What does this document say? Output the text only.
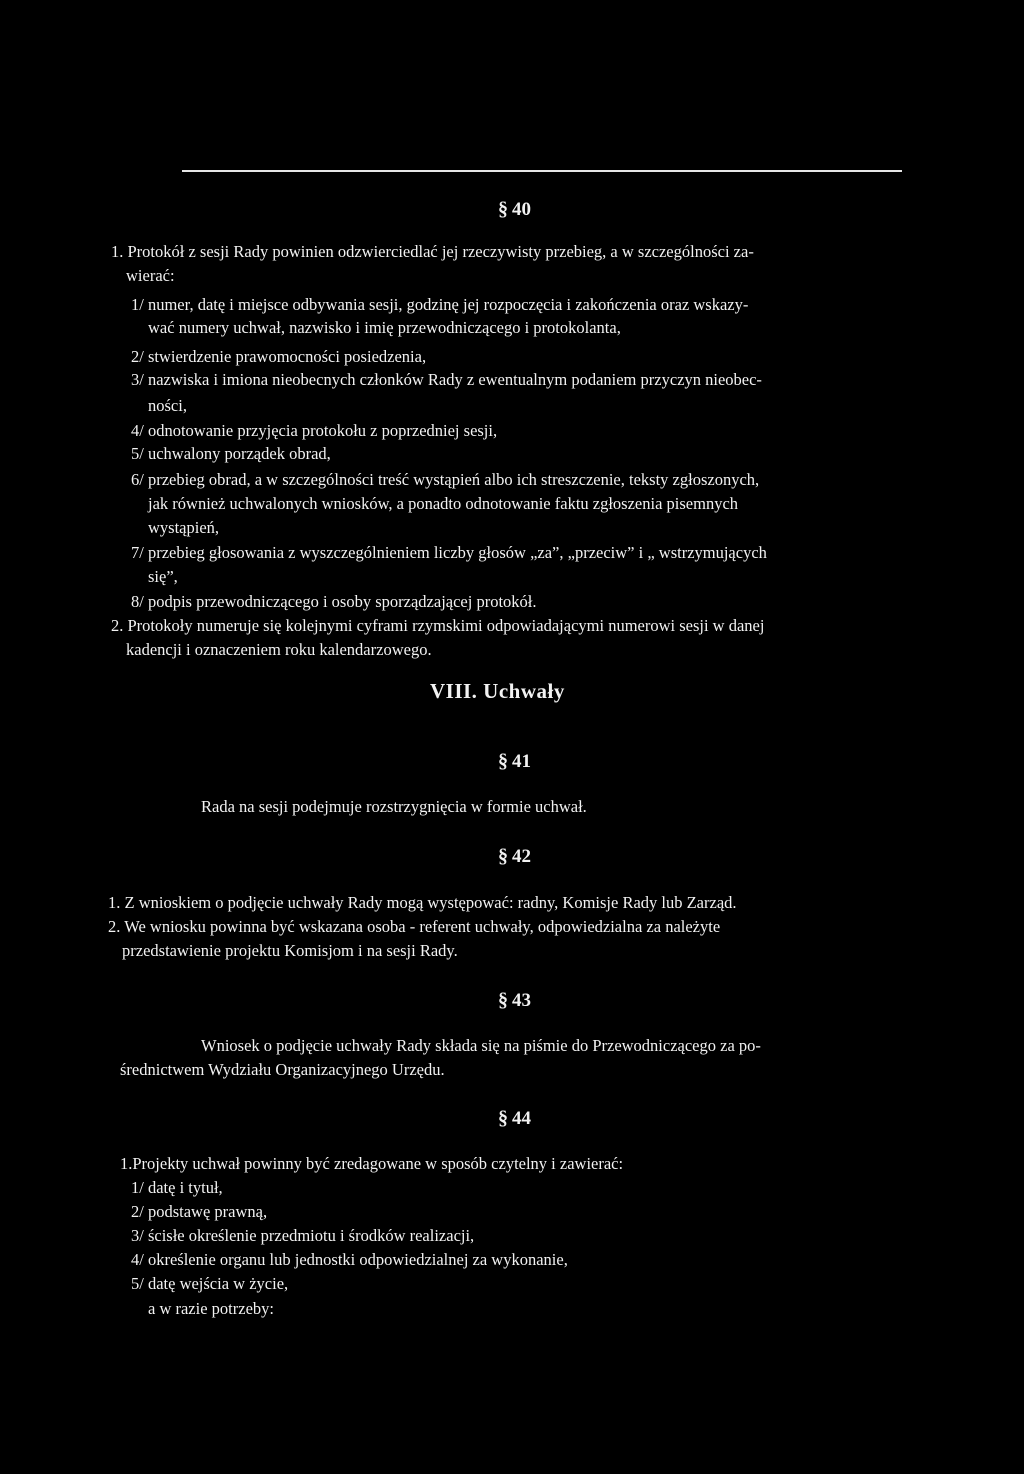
§ 40
1. Protokół z sesji Rady powinien odzwierciedlać jej rzeczywisty przebieg, a w szczególności za-
wierać:
1/ numer, datę i miejsce odbywania sesji, godzinę jej rozpoczęcia i zakończenia oraz wskazy-
wać numery uchwał, nazwisko i imię przewodniczącego i protokolanta,
2/ stwierdzenie prawomocności posiedzenia,
3/ nazwiska i imiona nieobecnych członków Rady z ewentualnym podaniem przyczyn nieobec-
ności,
4/ odnotowanie przyjęcia protokołu z poprzedniej sesji,
5/ uchwalony porządek obrad,
6/ przebieg obrad, a w szczególności treść wystąpień albo ich streszczenie, teksty zgłoszonych,
jak również uchwalonych wniosków, a ponadto odnotowanie faktu zgłoszenia pisemnych
wystąpień,
7/ przebieg głosowania z wyszczególnieniem liczby głosów „za”, „przeciw” i „ wstrzymujących
się”,
8/ podpis przewodniczącego i osoby sporządzającej protokół.
2. Protokoły numeruje się kolejnymi cyframi rzymskimi odpowiadającymi numerowi sesji w danej
kadencji i oznaczeniem roku kalendarzowego.
VIII. Uchwały
§ 41
Rada na sesji podejmuje rozstrzygnięcia w formie uchwał.
§ 42
1. Z wnioskiem o podjęcie uchwały Rady mogą występować: radny, Komisje Rady lub Zarząd.
2. We wniosku powinna być wskazana osoba - referent uchwały, odpowiedzialna za należyte
przedstawienie projektu Komisjom i na sesji Rady.
§ 43
Wniosek o podjęcie uchwały Rady składa się na piśmie do Przewodniczącego za po-
średnictwem Wydziału Organizacyjnego Urzędu.
§ 44
1.Projekty uchwał powinny być zredagowane w sposób czytelny i zawierać:
1/ datę i tytuł,
2/ podstawę prawną,
3/ ścisłe określenie przedmiotu i środków realizacji,
4/ określenie organu lub jednostki odpowiedzialnej za wykonanie,
5/ datę wejścia w życie,
a w razie potrzeby:
